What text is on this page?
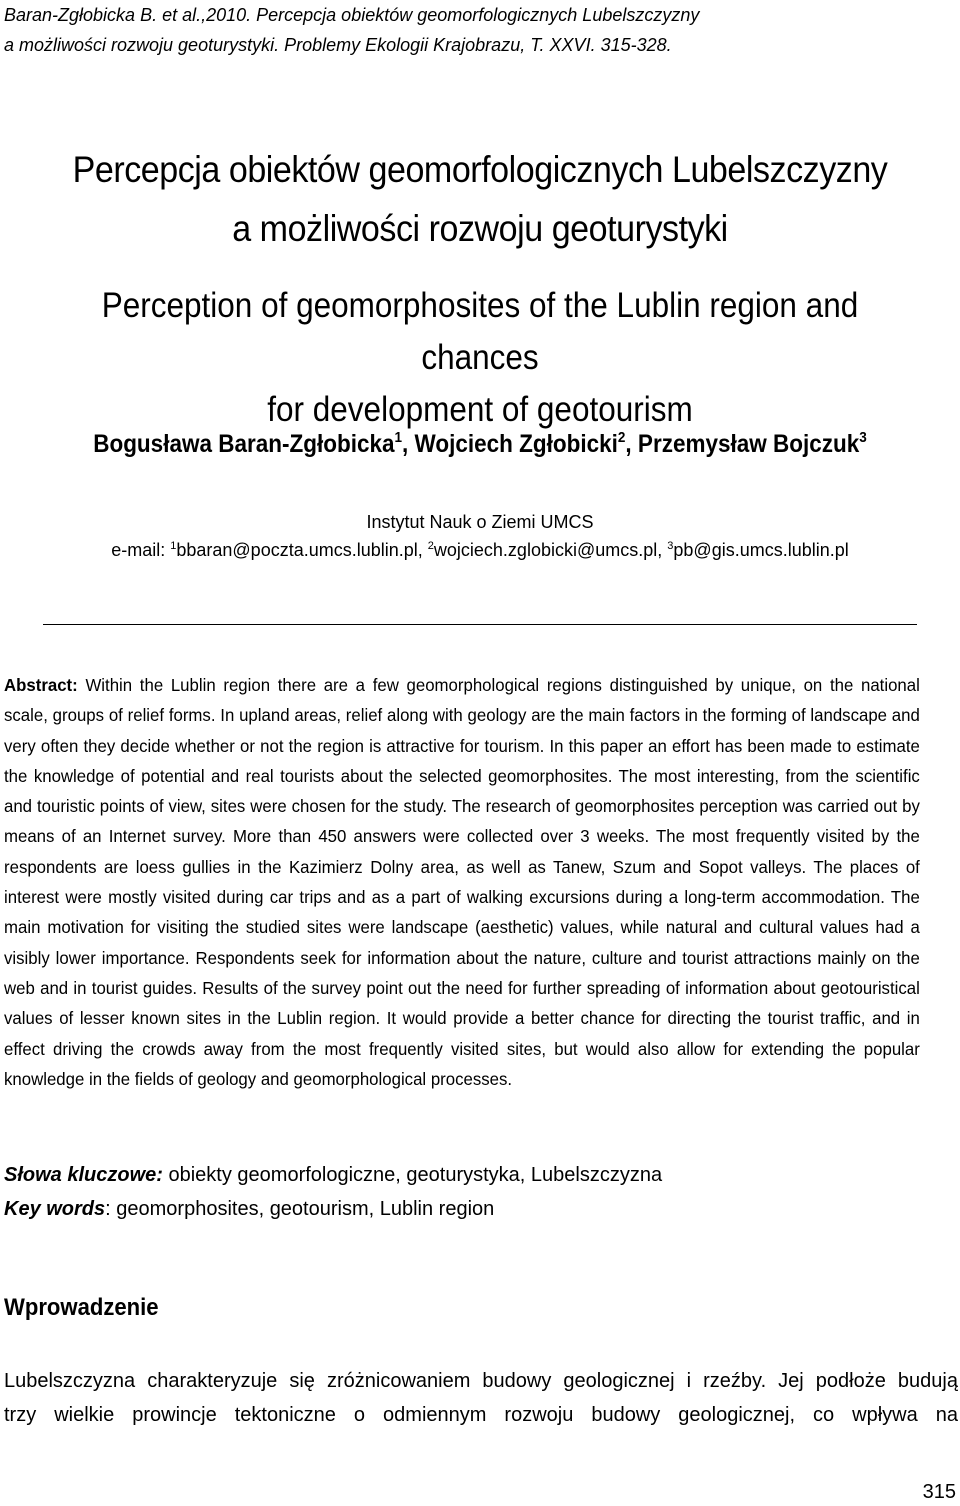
Baran-Zgłobicka B. et al.,2010. Percepcja obiektów geomorfologicznych Lubelszczyzny
a możliwości rozwoju geoturystyki. Problemy Ekologii Krajobrazu, T. XXVI. 315-328.
Percepcja obiektów geomorfologicznych Lubelszczyzny
a możliwości rozwoju geoturystyki
Perception of geomorphosites of the Lublin region and chances
for development of geotourism
Bogusława Baran-Zgłobicka$^1$, Wojciech Zgłobicki$^2$, Przemysław Bojczuk$^3$
Instytut Nauk o Ziemi UMCS
e-mail: $^1$bbaran@poczta.umcs.lublin.pl, $^2$wojciech.zglobicki@umcs.pl, $^3$pb@gis.umcs.lublin.pl
Abstract: Within the Lublin region there are a few geomorphological regions distinguished by unique, on the national scale, groups of relief forms. In upland areas, relief along with geology are the main factors in the forming of landscape and very often they decide whether or not the region is attractive for tourism. In this paper an effort has been made to estimate the knowledge of potential and real tourists about the selected geomorphosites. The most interesting, from the scientific and touristic points of view, sites were chosen for the study. The research of geomorphosites perception was carried out by means of an Internet survey. More than 450 answers were collected over 3 weeks. The most frequently visited by the respondents are loess gullies in the Kazimierz Dolny area, as well as Tanew, Szum and Sopot valleys. The places of interest were mostly visited during car trips and as a part of walking excursions during a long-term accommodation. The main motivation for visiting the studied sites were landscape (aesthetic) values, while natural and cultural values had a visibly lower importance. Respondents seek for information about the nature, culture and tourist attractions mainly on the web and in tourist guides. Results of the survey point out the need for further spreading of information about geotouristical values of lesser known sites in the Lublin region. It would provide a better chance for directing the tourist traffic, and in effect driving the crowds away from the most frequently visited sites, but would also allow for extending the popular knowledge in the fields of geology and geomorphological processes.
Słowa kluczowe: obiekty geomorfologiczne, geoturystyka, Lubelszczyzna
Key words: geomorphosites, geotourism, Lublin region
Wprowadzenie
Lubelszczyzna charakteryzuje się zróżnicowaniem budowy geologicznej i rzeźby. Jej podłoże budują
trzy wielkie prowincje tektoniczne o odmiennym rozwoju budowy geologicznej, co wpływa na
315
